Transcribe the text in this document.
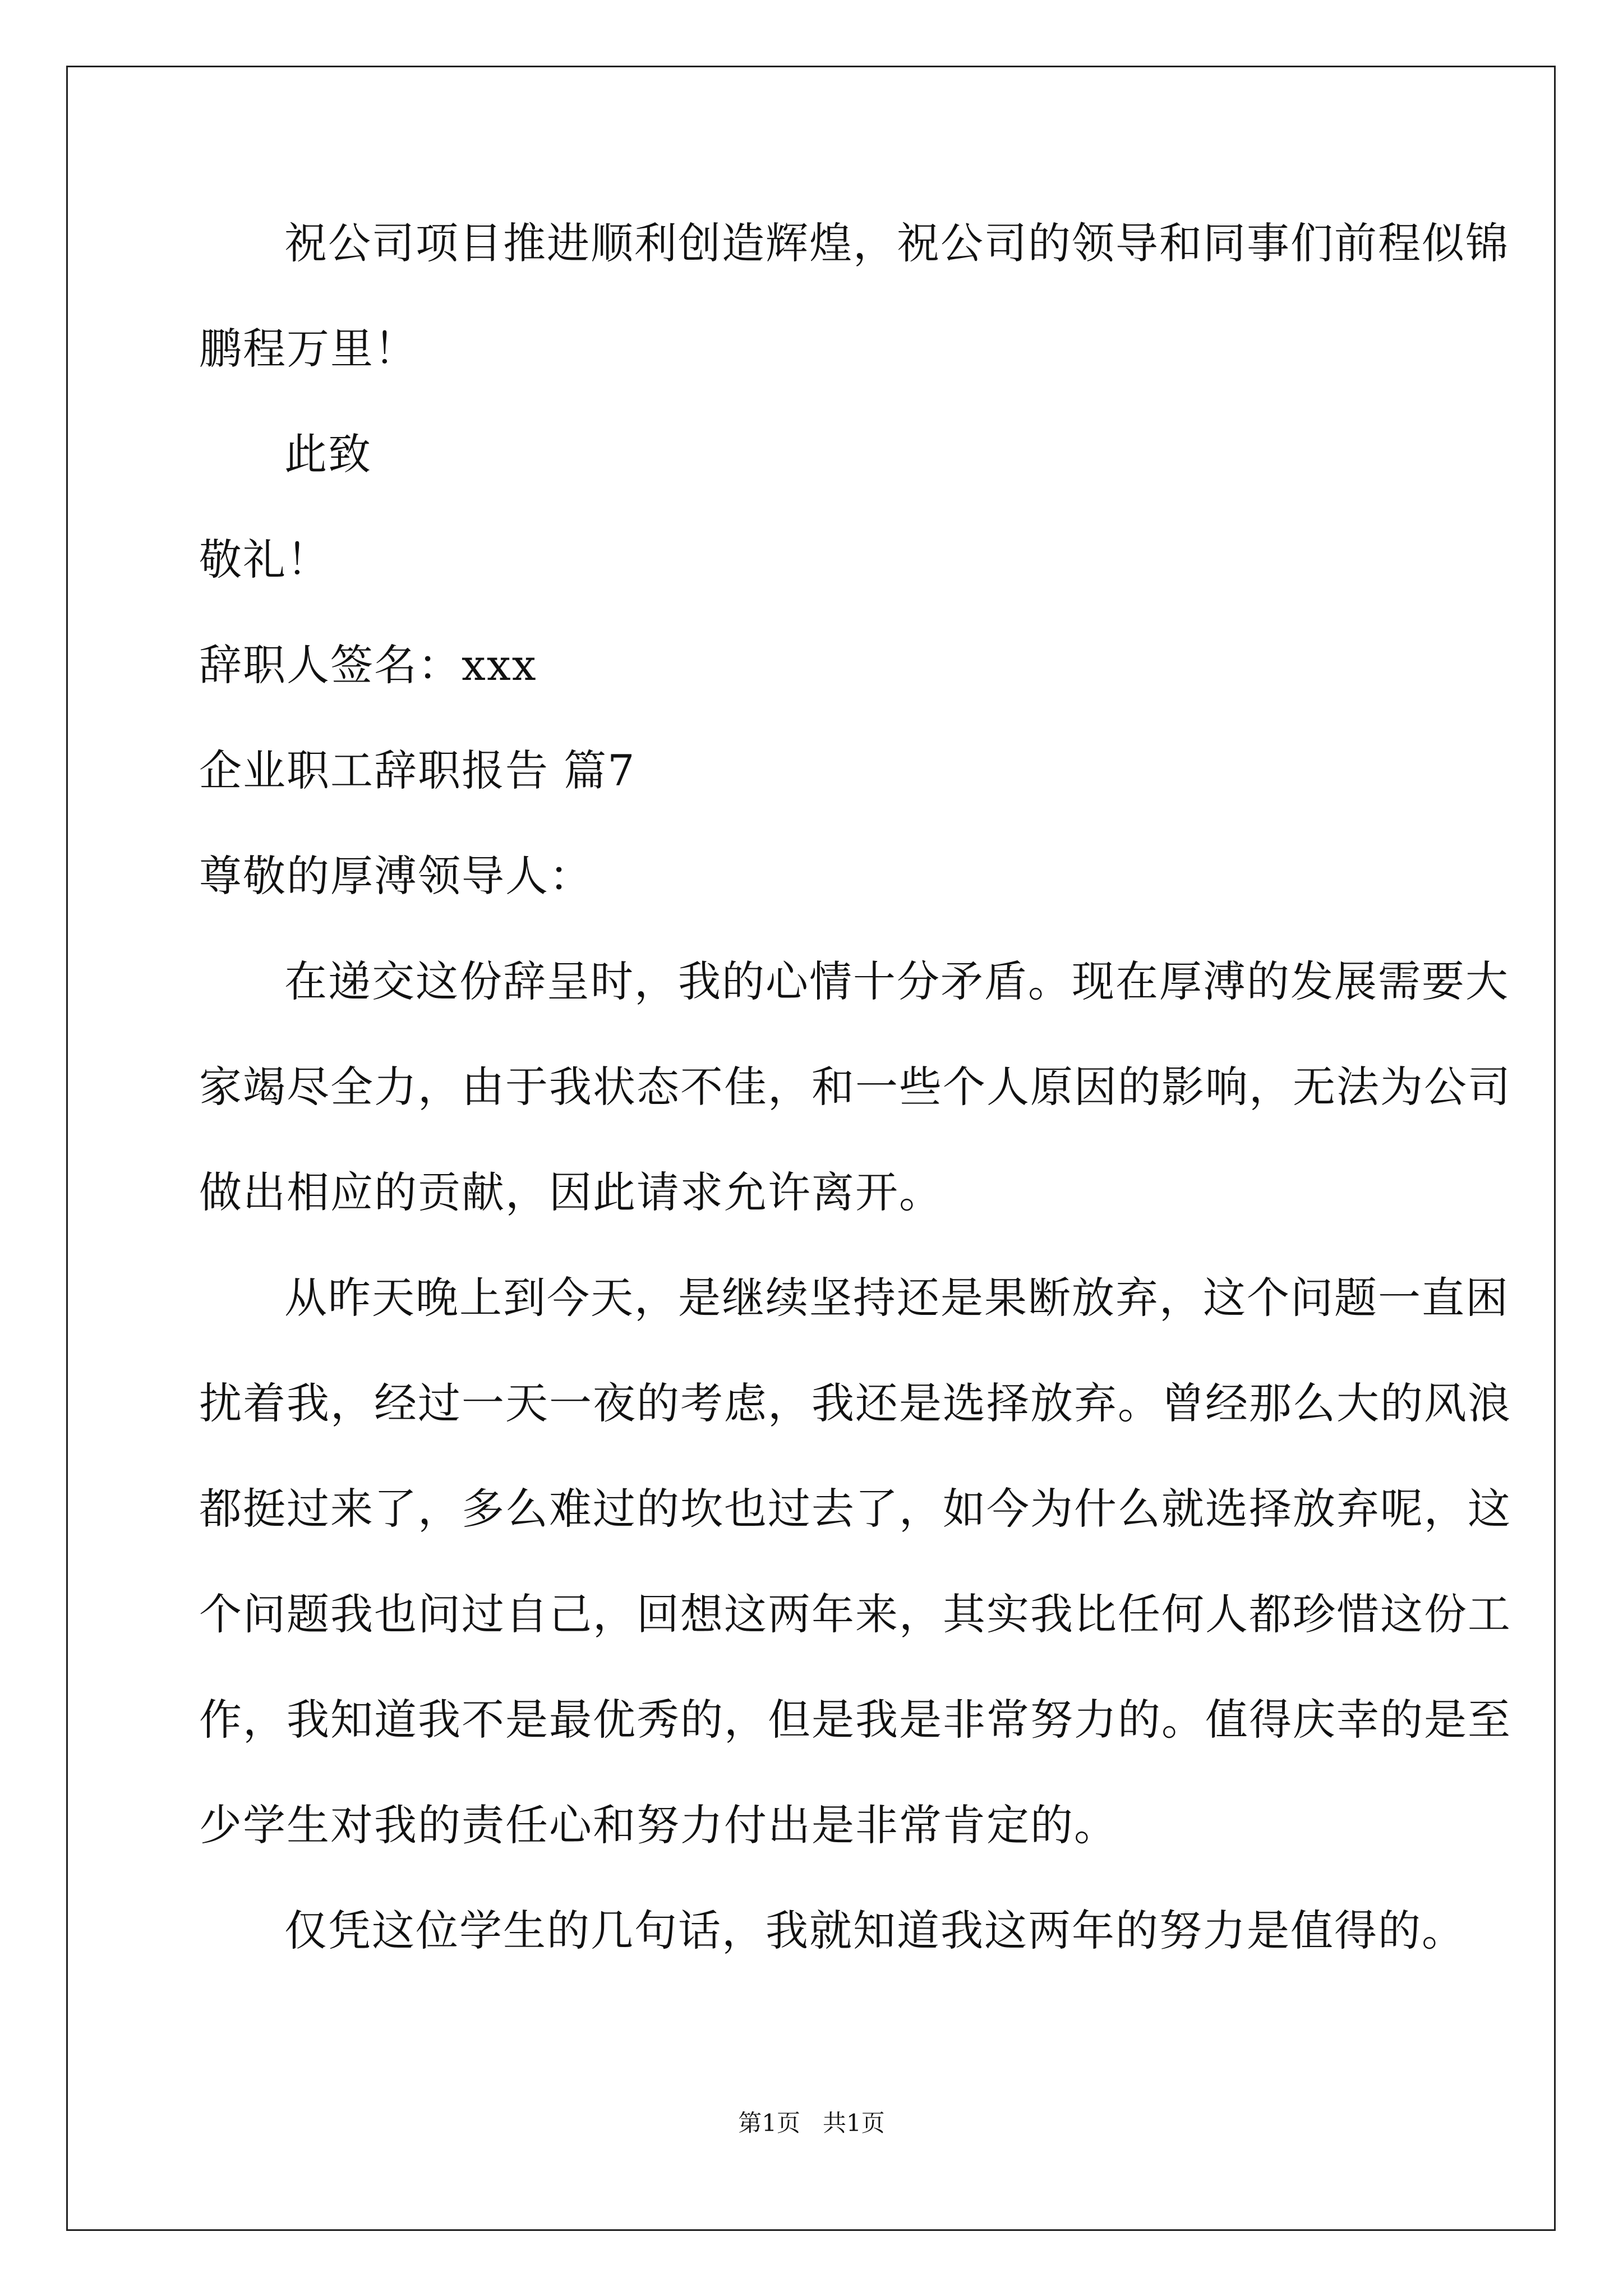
祝公司项目推进顺利创造辉煌，祝公司的领导和同事们前程似锦
鹏程万里！
此致
敬礼！
辞职人签名：xxx
企业职工辞职报告 篇7
尊敬的厚溥领导人：
在递交这份辞呈时，我的心情十分矛盾。现在厚溥的发展需要大
家竭尽全力，由于我状态不佳，和一些个人原因的影响，无法为公司
做出相应的贡献，因此请求允许离开。
从昨天晚上到今天，是继续坚持还是果断放弃，这个问题一直困
扰着我，经过一天一夜的考虑，我还是选择放弃。曾经那么大的风浪
都挺过来了，多么难过的坎也过去了，如今为什么就选择放弃呢，这
个问题我也问过自己，回想这两年来，其实我比任何人都珍惜这份工
作，我知道我不是最优秀的，但是我是非常努力的。值得庆幸的是至
少学生对我的责任心和努力付出是非常肯定的。
仅凭这位学生的几句话，我就知道我这两年的努力是值得的。
第1页   共1页
